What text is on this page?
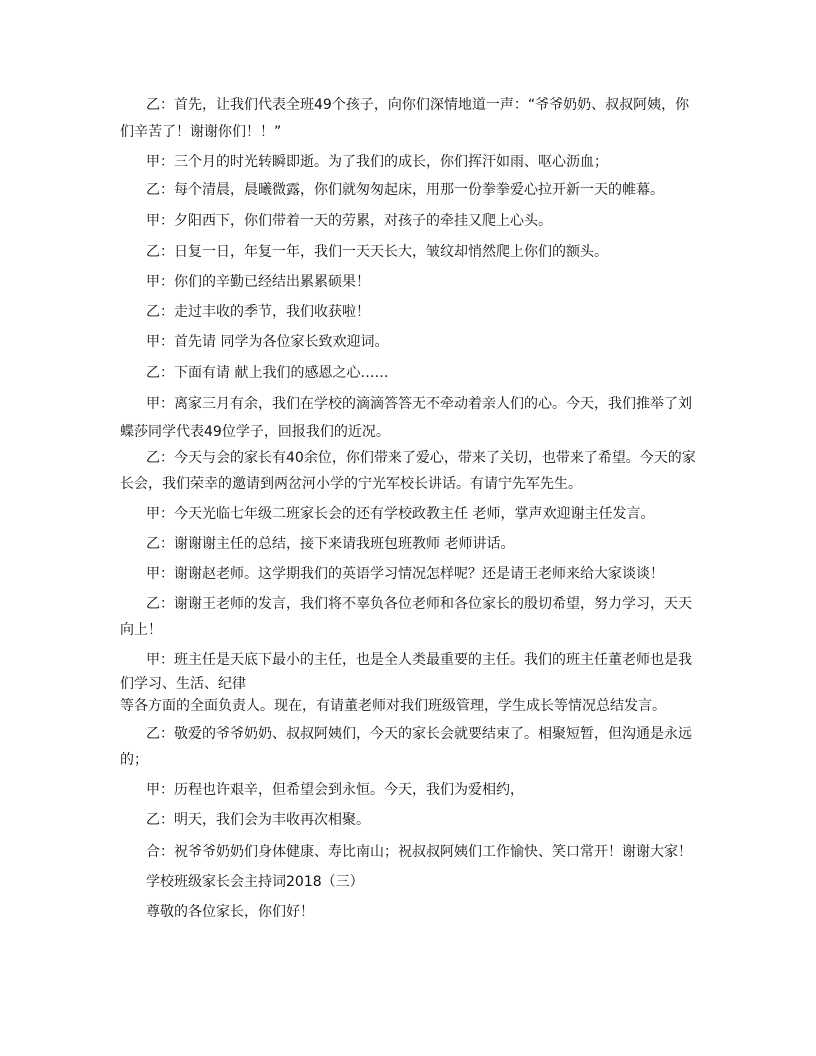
乙：首先，让我们代表全班49个孩子，向你们深情地道一声：“爷爷奶奶、叔叔阿姨，你
们辛苦了！谢谢你们！！”
甲：三个月的时光转瞬即逝。为了我们的成长，你们挥汗如雨、呕心沥血；
乙：每个清晨，晨曦微露，你们就匆匆起床，用那一份拳拳爱心拉开新一天的帷幕。
甲：夕阳西下，你们带着一天的劳累，对孩子的牵挂又爬上心头。
乙：日复一日，年复一年，我们一天天长大，皱纹却悄然爬上你们的额头。
甲：你们的辛勤已经结出累累硕果！
乙：走过丰收的季节，我们收获啦！
甲：首先请 同学为各位家长致欢迎词。
乙：下面有请 献上我们的感恩之心……
甲：离家三月有余，我们在学校的滴滴答答无不牵动着亲人们的心。今天，我们推举了刘
蝶莎同学代表49位学子，回报我们的近况。
乙：今天与会的家长有40余位，你们带来了爱心，带来了关切，也带来了希望。今天的家
长会，我们荣幸的邀请到两岔河小学的宁光军校长讲话。有请宁先军先生。
甲：今天光临七年级二班家长会的还有学校政教主任 老师，掌声欢迎谢主任发言。
乙：谢谢谢主任的总结，接下来请我班包班教师 老师讲话。
甲：谢谢赵老师。这学期我们的英语学习情况怎样呢？还是请王老师来给大家谈谈！
乙：谢谢王老师的发言，我们将不辜负各位老师和各位家长的殷切希望，努力学习，天天
向上！
甲：班主任是天底下最小的主任，也是全人类最重要的主任。我们的班主任董老师也是我
们学习、生活、纪律
等各方面的全面负责人。现在，有请董老师对我们班级管理，学生成长等情况总结发言。
乙：敬爱的爷爷奶奶、叔叔阿姨们，今天的家长会就要结束了。相聚短暂，但沟通是永远
的；
甲：历程也许艰辛，但希望会到永恒。今天，我们为爱相约，
乙：明天，我们会为丰收再次相聚。
合：祝爷爷奶奶们身体健康、寿比南山；祝叔叔阿姨们工作愉快、笑口常开！谢谢大家！
学校班级家长会主持词2018（三）
尊敬的各位家长，你们好！
